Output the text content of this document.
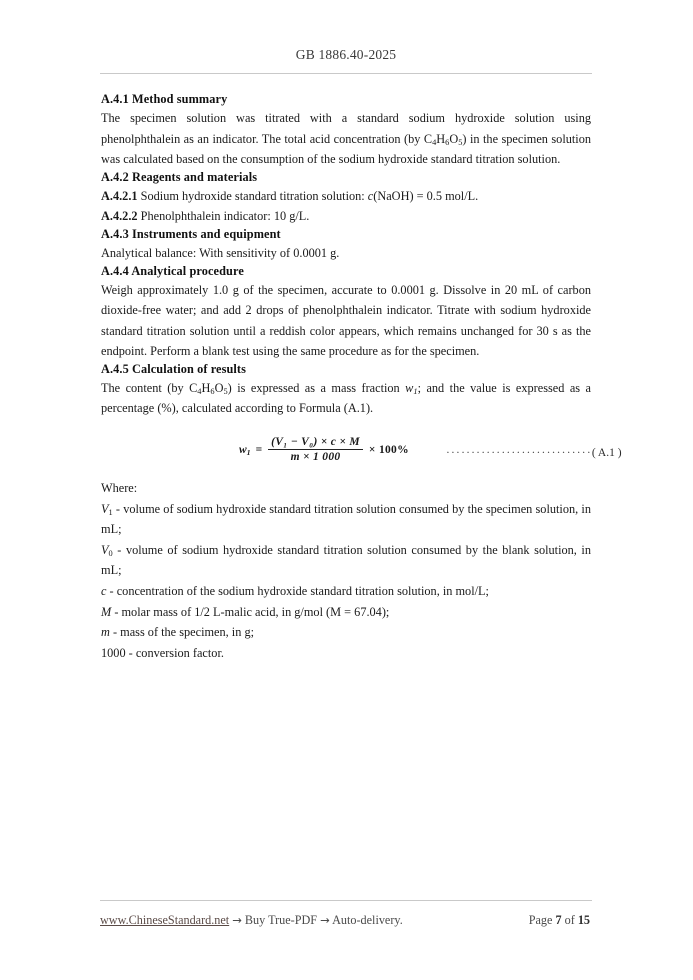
GB 1886.40-2025
A.4.1 Method summary

The specimen solution was titrated with a standard sodium hydroxide solution using phenolphthalein as an indicator. The total acid concentration (by $C_4H_6O_5$) in the specimen solution was calculated based on the consumption of the sodium hydroxide standard titration solution.

A.4.2 Reagents and materials

A.4.2.1 Sodium hydroxide standard titration solution: c(NaOH) = 0.5 mol/L.

A.4.2.2 Phenolphthalein indicator: 10 g/L.

A.4.3 Instruments and equipment

Analytical balance: With sensitivity of 0.0001 g.

A.4.4 Analytical procedure

Weigh approximately 1.0 g of the specimen, accurate to 0.0001 g. Dissolve in 20 mL of carbon dioxide-free water; and add 2 drops of phenolphthalein indicator. Titrate with sodium hydroxide standard titration solution until a reddish color appears, which remains unchanged for 30 s as the endpoint. Perform a blank test using the same procedure as for the specimen.

A.4.5 Calculation of results

The content (by $C_4H_6O_5$) is expressed as a mass fraction $w_1$; and the value is expressed as a percentage (%), calculated according to Formula (A.1).

$w_1 = \frac{\text{(V₁ − V₀) × c × M}}{m \times 1 000} \times 100\%$	·····························( A.1 )

Where:

$V_1$ - volume of sodium hydroxide standard titration solution consumed by the specimen solution, in mL;

$V_0$ - volume of sodium hydroxide standard titration solution consumed by the blank solution, in mL;

c - concentration of the sodium hydroxide standard titration solution, in mol/L;

M - molar mass of 1/2 L-malic acid, in g/mol (M = 67.04);

m - mass of the specimen, in g;

1000 - conversion factor.

www.ChineseStandard.net → Buy True-PDF → Auto-delivery.	Page 7 of 15
